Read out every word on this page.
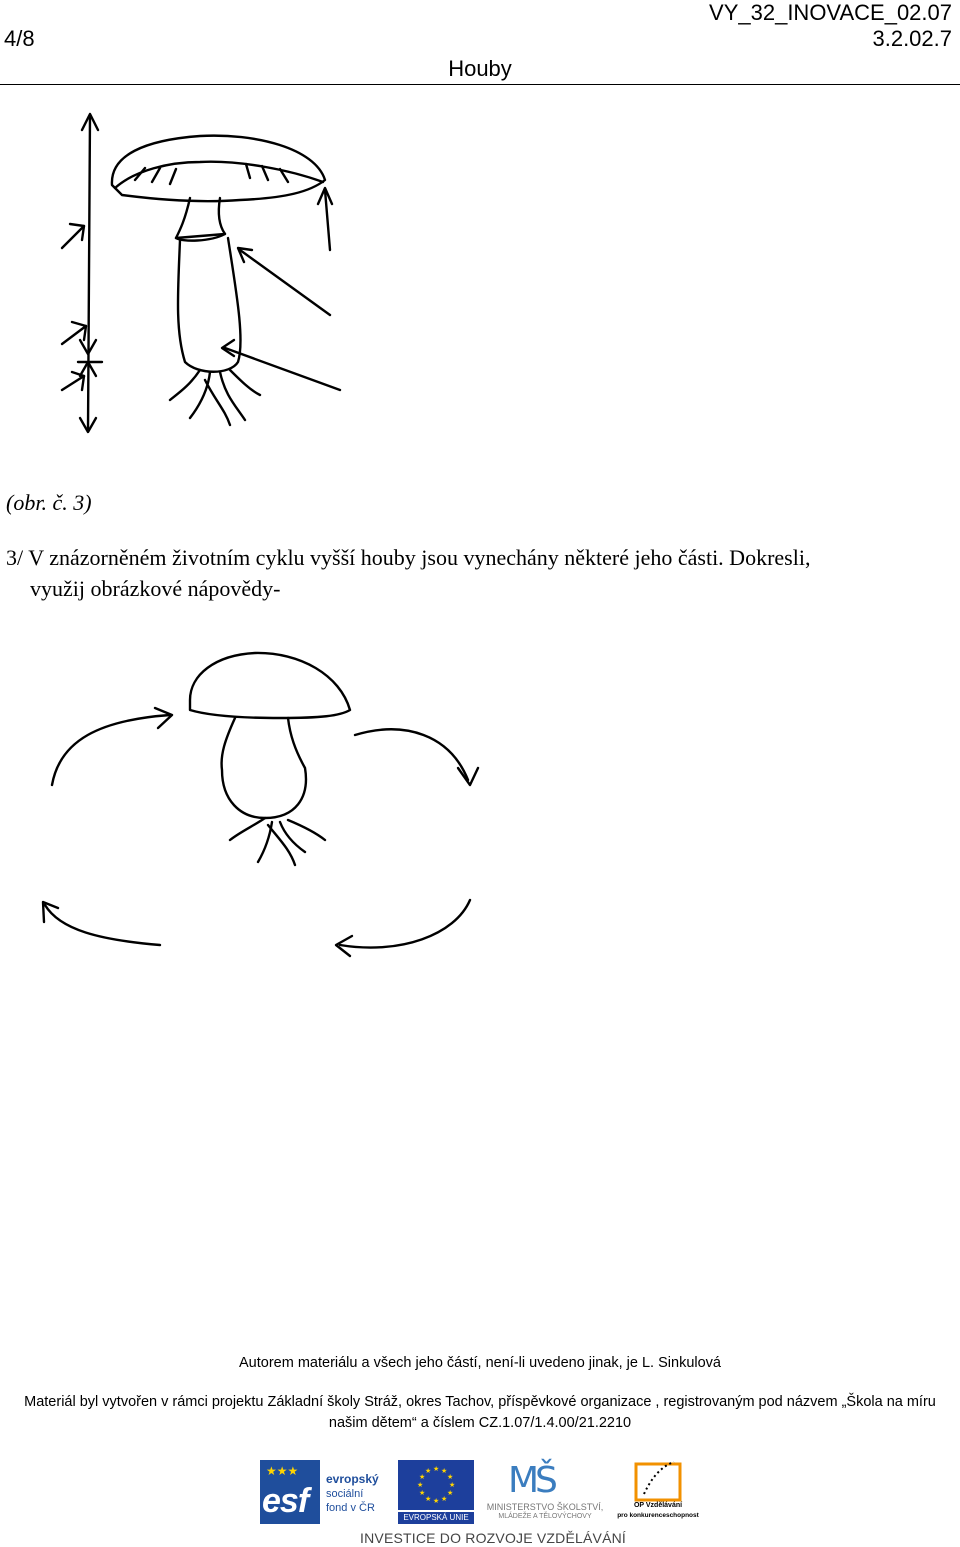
4/8
VY_32_INOVACE_02.07
3.2.02.7
Houby
(obr. č. 3)
3/ V znázorněném životním cyklu vyšší houby jsou vynechány některé jeho části. Dokresli,
využij obrázkové nápovědy-
Autorem materiálu a všech jeho částí, není-li uvedeno jinak, je L. Sinkulová
Materiál byl vytvořen v rámci projektu Základní školy Stráž, okres Tachov, příspěvkové organizace , registrovaným pod názvem „Škola na míru
našim dětem“ a číslem CZ.1.07/1.4.00/21.2210
esf
★★★
evropský
sociální
fond v ČR
★ ★
★
★
★
★
★
★
★
★
★
★
EVROPSKÁ UNIE
MŠ
MINISTERSTVO ŠKOLSTVÍ,
MLÁDEŽE A TĚLOVÝCHOVY
OP Vzdělávání
pro konkurenceschopnost
INVESTICE DO ROZVOJE VZDĚLÁVÁNÍ
